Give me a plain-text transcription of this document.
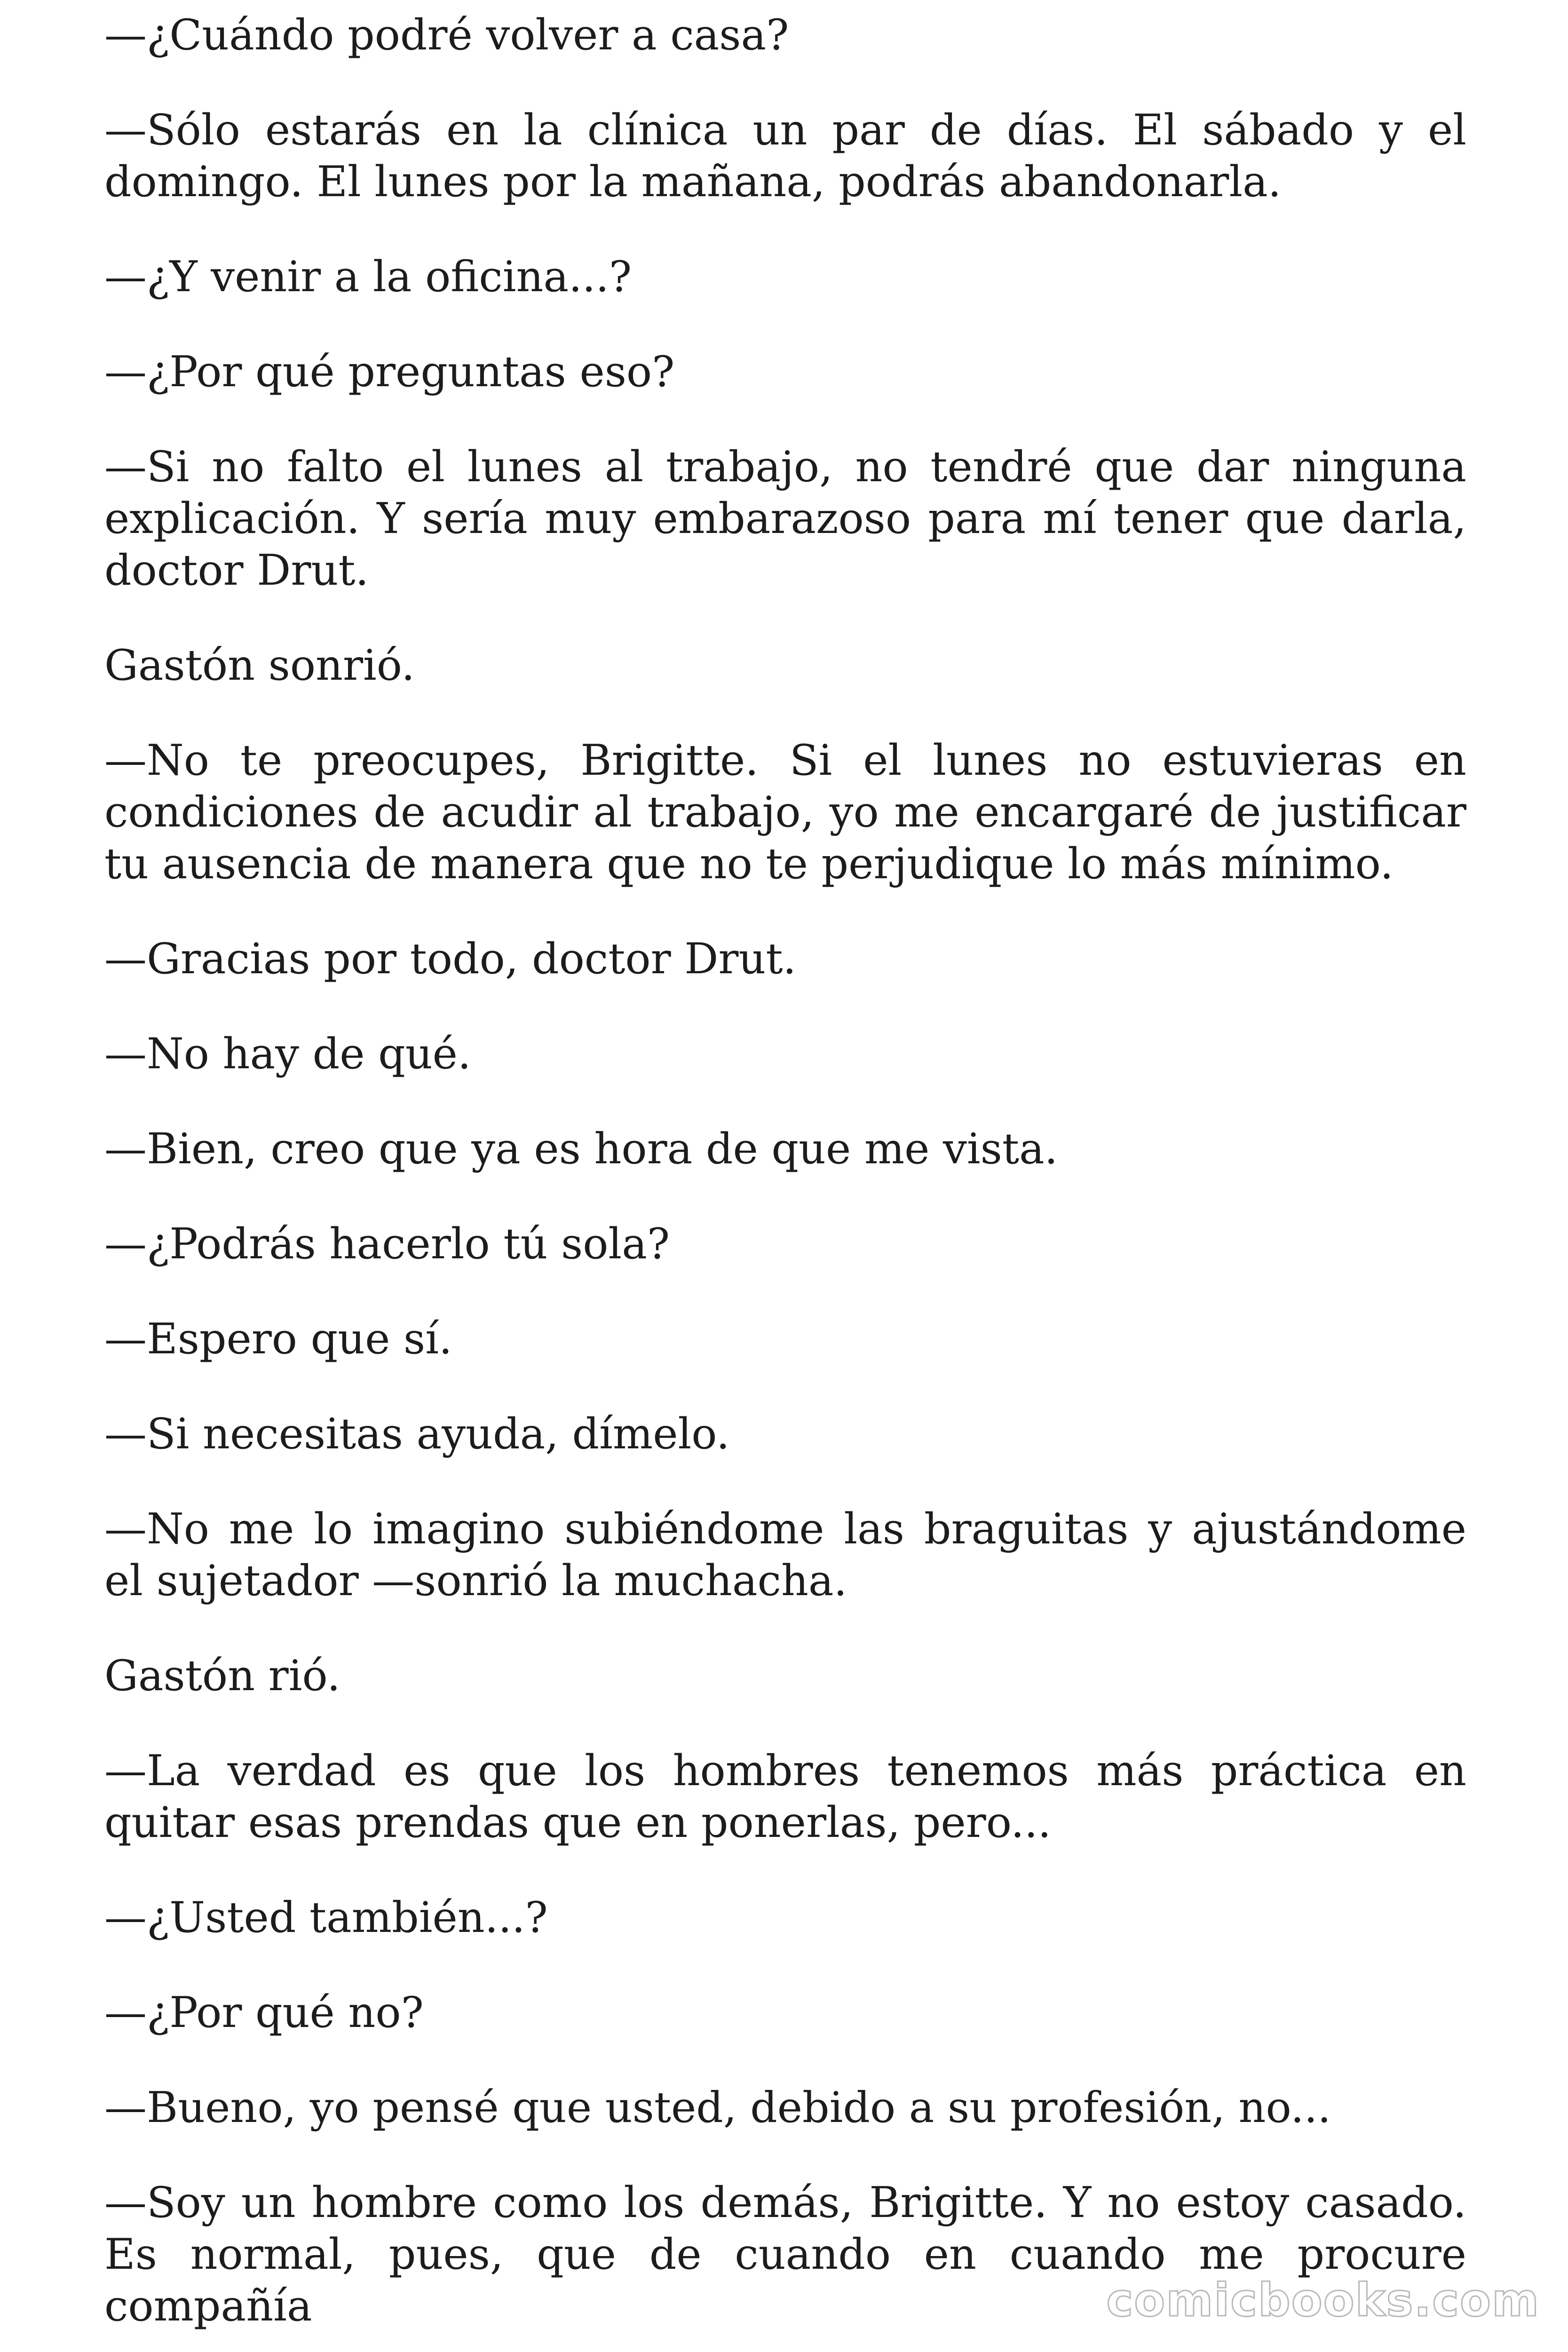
—¿Cuándo podré volver a casa?

—Sólo estarás en la clínica un par de días. El sábado y el domingo. El lunes por la mañana, podrás abandonarla.

—¿Y venir a la oficina...?

—¿Por qué preguntas eso?

—Si no falto el lunes al trabajo, no tendré que dar ninguna explicación. Y sería muy embarazoso para mí tener que darla, doctor Drut.

Gastón sonrió.

—No te preocupes, Brigitte. Si el lunes no estuvieras en condiciones de acudir al trabajo, yo me encargaré de justificar tu ausencia de manera que no te perjudique lo más mínimo.

—Gracias por todo, doctor Drut.

—No hay de qué.

—Bien, creo que ya es hora de que me vista.

—¿Podrás hacerlo tú sola?

—Espero que sí.

—Si necesitas ayuda, dímelo.

—No me lo imagino subiéndome las braguitas y ajustándome el sujetador —sonrió la muchacha.

Gastón rió.

—La verdad es que los hombres tenemos más práctica en quitar esas prendas que en ponerlas, pero...

—¿Usted también...?

—¿Por qué no?

—Bueno, yo pensé que usted, debido a su profesión, no...

—Soy un hombre como los demás, Brigitte. Y no estoy casado. Es normal, pues, que de cuando en cuando me procure compañía	comicbooks.com
